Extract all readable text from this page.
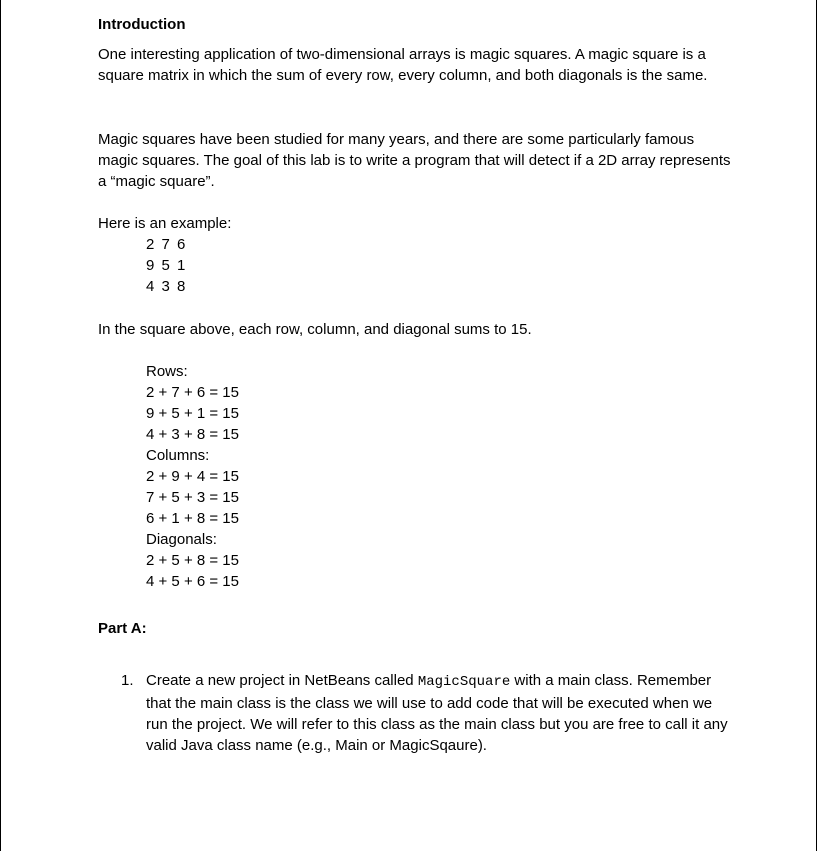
Introduction
One interesting application of two-dimensional arrays is magic squares. A magic square is a square matrix in which the sum of every row, every column, and both diagonals is the same.
Magic squares have been studied for many years, and there are some particularly famous magic squares. The goal of this lab is to write a program that will detect if a 2D array represents a “magic square”.
Here is an example:
2 7 6
9 5 1
4 3 8
In the square above, each row, column, and diagonal sums to 15.
Rows:
2 + 7 + 6 = 15
9 + 5 + 1 = 15
4 + 3 + 8 = 15
Columns:
2 + 9 + 4 = 15
7 + 5 + 3 = 15
6 + 1 + 8 = 15
Diagonals:
2 + 5 + 8 = 15
4 + 5 + 6 = 15
Part A:
1. Create a new project in NetBeans called MagicSquare with a main class. Remember that the main class is the class we will use to add code that will be executed when we run the project. We will refer to this class as the main class but you are free to call it any valid Java class name (e.g., Main or MagicSqaure).
